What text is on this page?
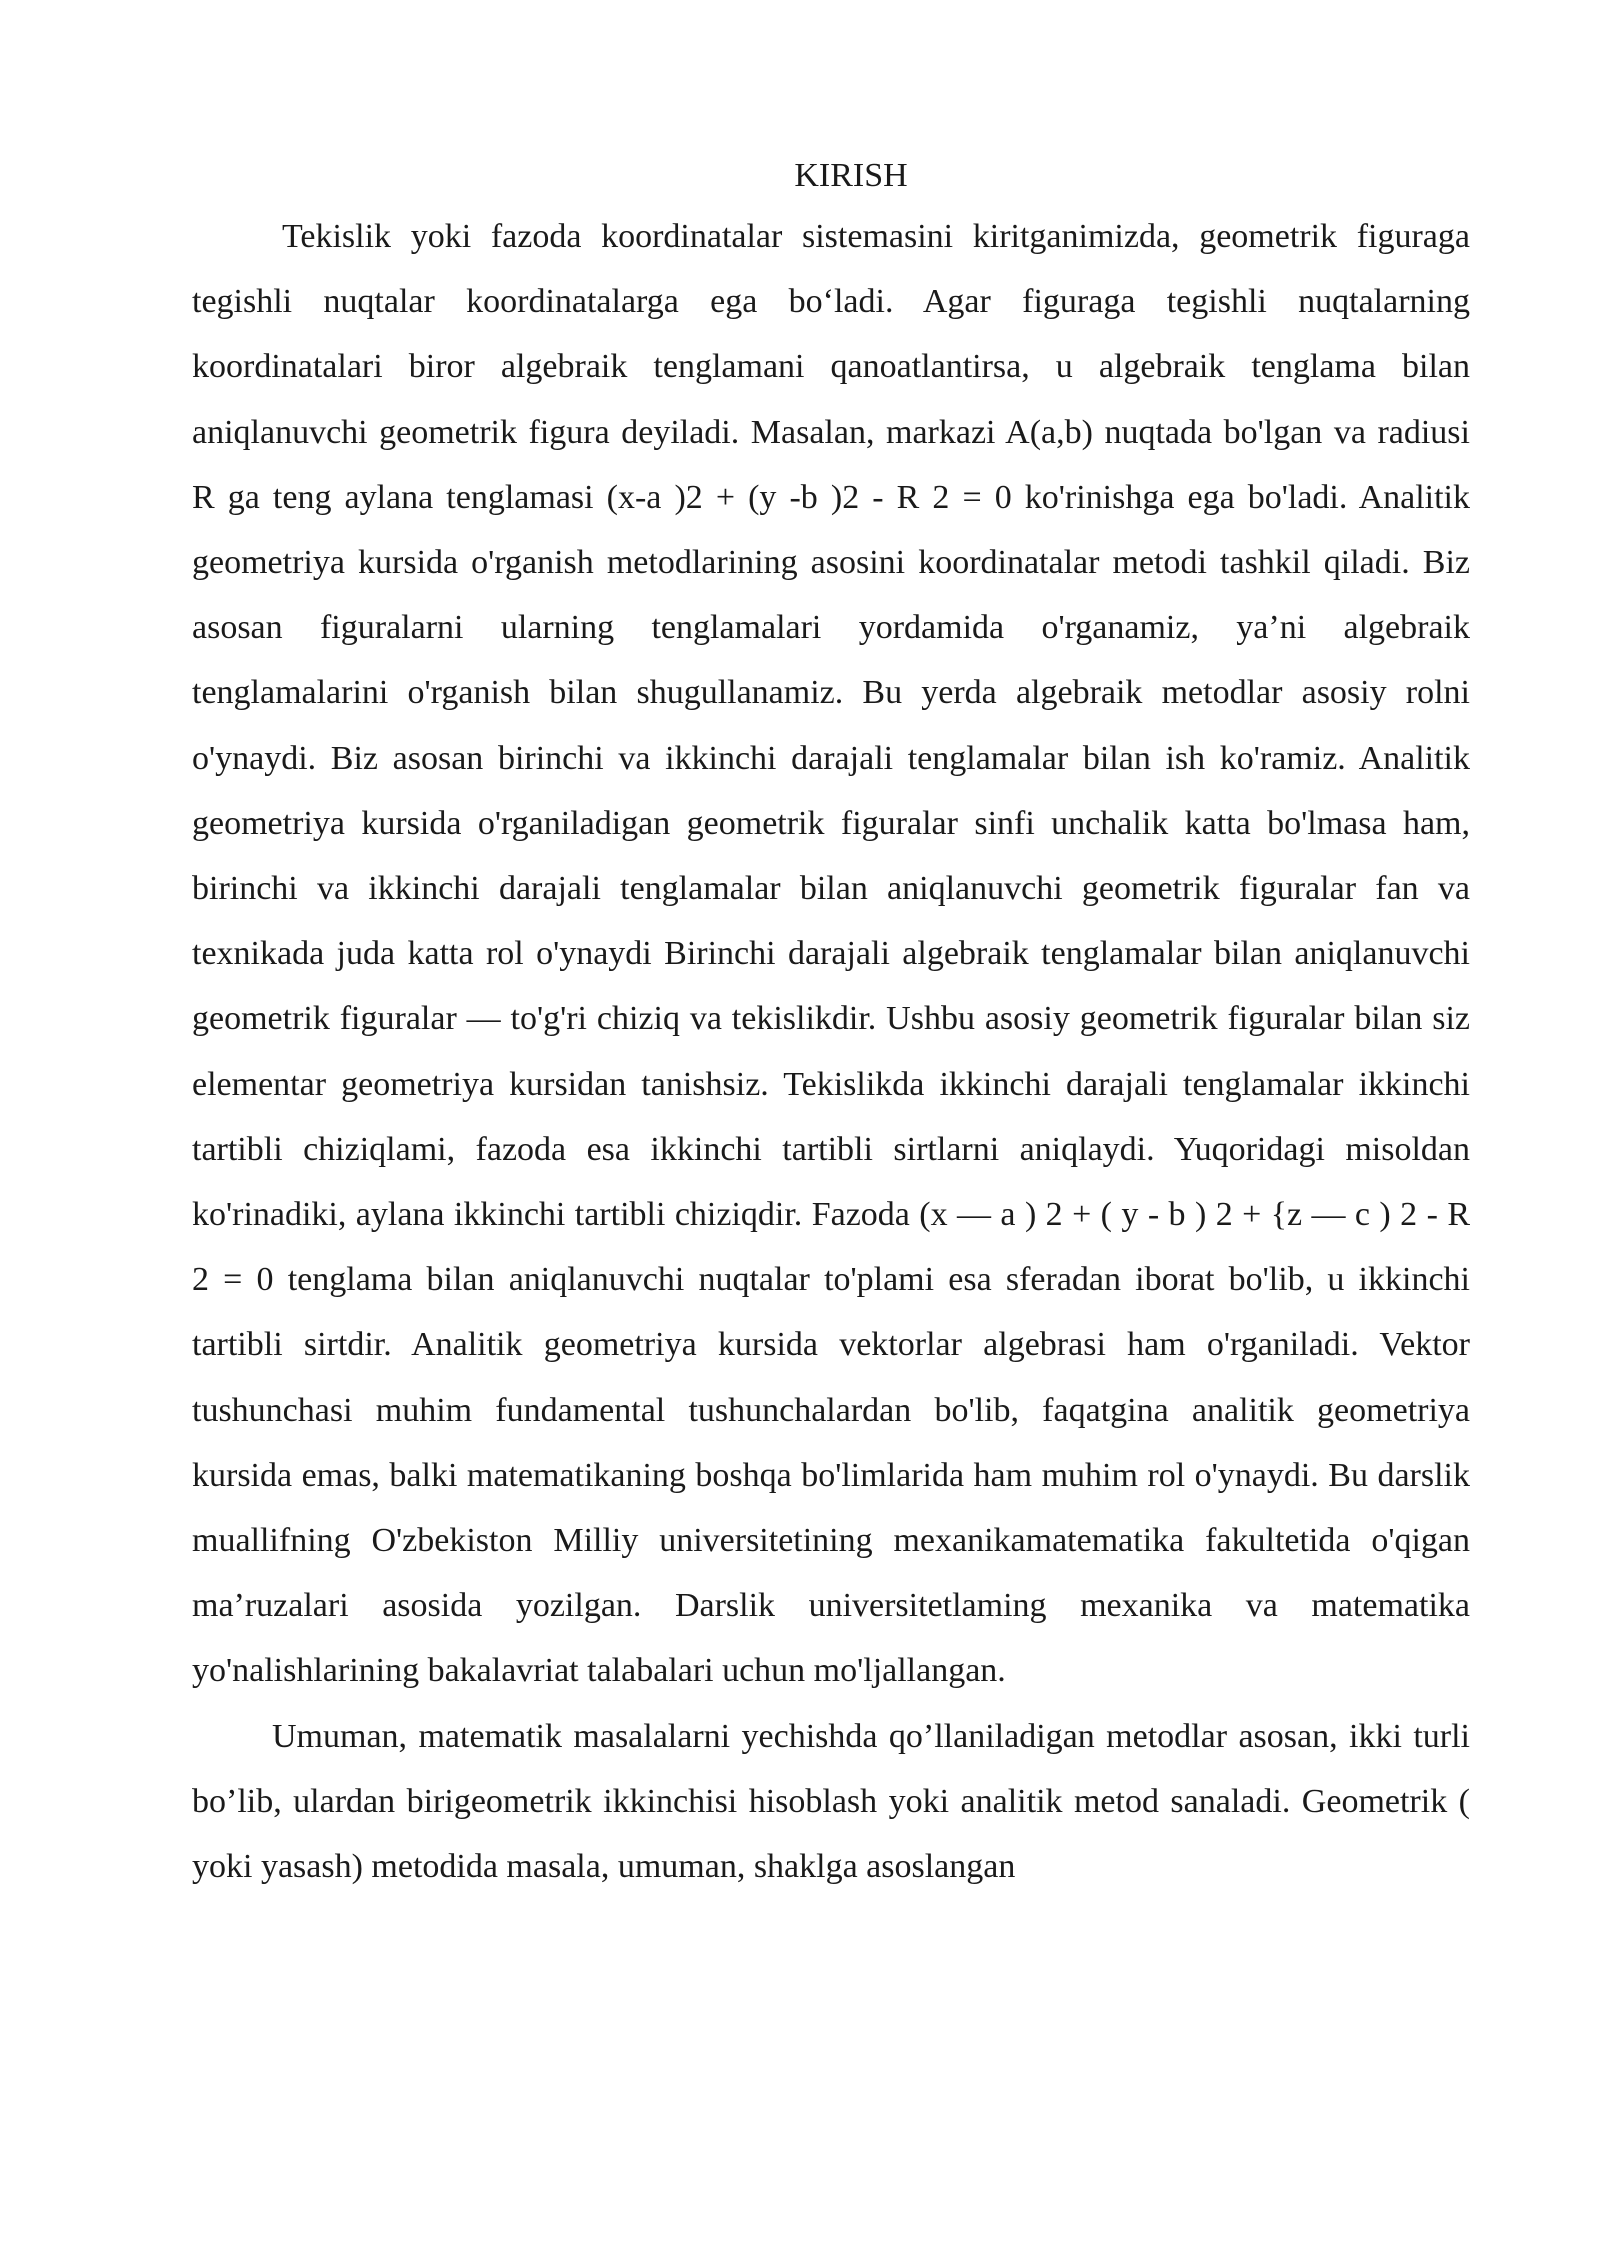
KIRISH

Tekislik yoki fazoda koordinatalar sistemasini kiritganimizda, geometrik figuraga tegishli nuqtalar koordinatalarga ega bo‘ladi. Agar figuraga tegishli nuqtalarning koordinatalari biror algebraik tenglamani qanoatlantirsa, u algebraik tenglama bilan aniqlanuvchi geometrik figura deyiladi. Masalan, markazi A(a,b) nuqtada bo'lgan va radiusi R ga teng aylana tenglamasi (x-a )2 + (y -b )2 - R 2 = 0 ko'rinishga ega bo'ladi. Analitik geometriya kursida o'rganish metodlarining asosini koordinatalar metodi tashkil qiladi. Biz asosan figuralarni ularning tenglamalari yordamida o'rganamiz, ya’ni algebraik tenglamalarini o'rganish bilan shugullanamiz. Bu yerda algebraik metodlar asosiy rolni o'ynaydi. Biz asosan birinchi va ikkinchi darajali tenglamalar bilan ish ko'ramiz. Analitik geometriya kursida o'rganiladigan geometrik figuralar sinfi unchalik katta bo'lmasa ham, birinchi va ikkinchi darajali tenglamalar bilan aniqlanuvchi geometrik figuralar fan va texnikada juda katta rol o'ynaydi Birinchi darajali algebraik tenglamalar bilan aniqlanuvchi geometrik figuralar — to'g'ri chiziq va tekislikdir. Ushbu asosiy geometrik figuralar bilan siz elementar geometriya kursidan tanishsiz. Tekislikda ikkinchi darajali tenglamalar ikkinchi tartibli chiziqlami, fazoda esa ikkinchi tartibli sirtlarni aniqlaydi. Yuqoridagi misoldan ko'rinadiki, aylana ikkinchi tartibli chiziqdir. Fazoda (x — a ) 2 + ( y - b ) 2 + {z — c ) 2 - R 2 = 0 tenglama bilan aniqlanuvchi nuqtalar to'plami esa sferadan iborat bo'lib, u ikkinchi tartibli sirtdir. Analitik geometriya kursida vektorlar algebrasi ham o'rganiladi. Vektor tushunchasi muhim fundamental tushunchalardan bo'lib, faqatgina analitik geometriya kursida emas, balki matematikaning boshqa bo'limlarida ham muhim rol o'ynaydi. Bu darslik muallifning O'zbekiston Milliy universitetining mexanikamatematika fakultetida o'qigan ma’ruzalari asosida yozilgan. Darslik universitetlaming mexanika va matematika yo'nalishlarining bakalavriat talabalari uchun mo'ljallangan.

Umuman, matematik masalalarni yechishda qo’llaniladigan metodlar asosan, ikki turli bo’lib, ulardan birigeometrik ikkinchisi hisoblash yoki analitik metod sanaladi. Geometrik ( yoki yasash) metodida masala, umuman, shaklga asoslangan
